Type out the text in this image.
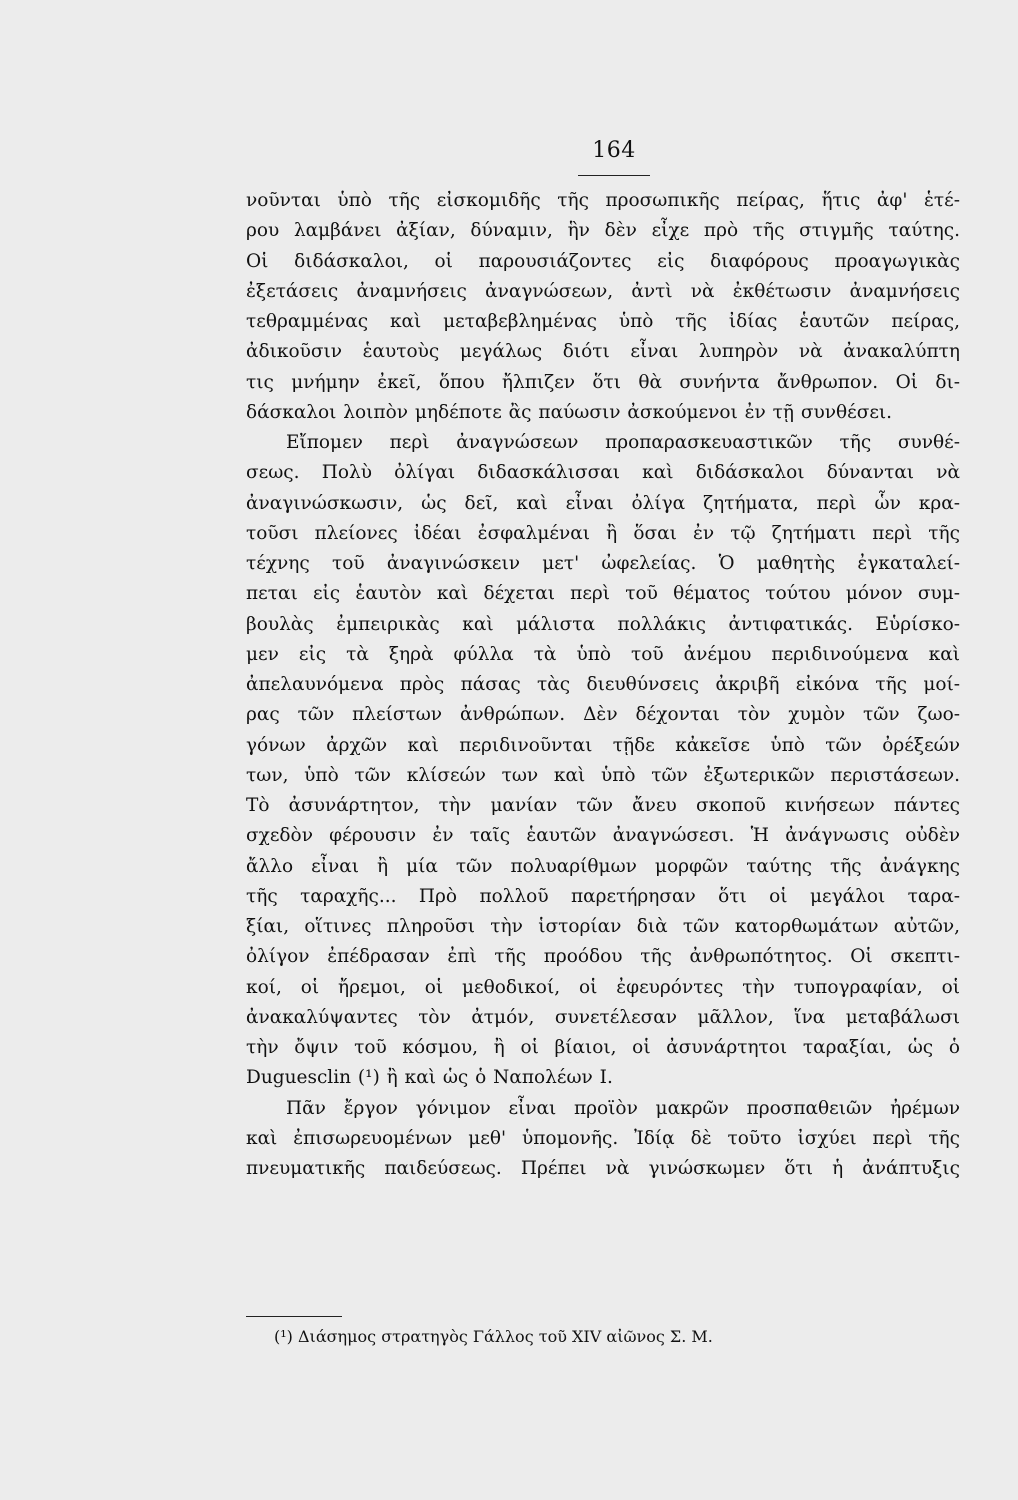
164
νοῦνται ὑπὸ τῆς εἰσκομιδῆς τῆς προσωπικῆς πείρας, ἥτις ἀφ' ἑτέ-
ρου λαμβάνει ἀξίαν, δύναμιν, ἣν δὲν εἶχε πρὸ τῆς στιγμῆς ταύτης.
Οἱ διδάσκαλοι, οἱ παρουσιάζοντες εἰς διαφόρους προαγωγικὰς
ἐξετάσεις ἀναμνήσεις ἀναγνώσεων, ἀντὶ νὰ ἐκθέτωσιν ἀναμνήσεις
τεθραμμένας καὶ μεταβεβλημένας ὑπὸ τῆς ἰδίας ἑαυτῶν πείρας,
ἀδικοῦσιν ἑαυτοὺς μεγάλως διότι εἶναι λυπηρὸν νὰ ἀνακαλύπτη
τις μνήμην ἐκεῖ, ὅπου ἤλπιζεν ὅτι θὰ συνήντα ἄνθρωπον. Οἱ δι-
δάσκαλοι λοιπὸν μηδέποτε ἂς παύωσιν ἀσκούμενοι ἐν τῇ συνθέσει.
Εἴπομεν περὶ ἀναγνώσεων προπαρασκευαστικῶν τῆς συνθέ-
σεως. Πολὺ ὀλίγαι διδασκάλισσαι καὶ διδάσκαλοι δύνανται νὰ
ἀναγινώσκωσιν, ὡς δεῖ, καὶ εἶναι ὀλίγα ζητήματα, περὶ ὧν κρα-
τοῦσι πλείονες ἰδέαι ἐσφαλμέναι ἢ ὅσαι ἐν τῷ ζητήματι περὶ τῆς
τέχνης τοῦ ἀναγινώσκειν μετ' ὠφελείας. Ὁ μαθητὴς ἐγκαταλεί-
πεται εἰς ἑαυτὸν καὶ δέχεται περὶ τοῦ θέματος τούτου μόνον συμ-
βουλὰς ἐμπειρικὰς καὶ μάλιστα πολλάκις ἀντιφατικάς. Εὑρίσκο-
μεν εἰς τὰ ξηρὰ φύλλα τὰ ὑπὸ τοῦ ἀνέμου περιδινούμενα καὶ
ἀπελαυνόμενα πρὸς πάσας τὰς διευθύνσεις ἀκριβῆ εἰκόνα τῆς μοί-
ρας τῶν πλείστων ἀνθρώπων. Δὲν δέχονται τὸν χυμὸν τῶν ζωο-
γόνων ἀρχῶν καὶ περιδινοῦνται τῇδε κἀκεῖσε ὑπὸ τῶν ὀρέξεών
των, ὑπὸ τῶν κλίσεών των καὶ ὑπὸ τῶν ἐξωτερικῶν περιστάσεων.
Τὸ ἀσυνάρτητον, τὴν μανίαν τῶν ἄνευ σκοποῦ κινήσεων πάντες
σχεδὸν φέρουσιν ἐν ταῖς ἑαυτῶν ἀναγνώσεσι. Ἡ ἀνάγνωσις οὐδὲν
ἄλλο εἶναι ἢ μία τῶν πολυαρίθμων μορφῶν ταύτης τῆς ἀνάγκης
τῆς ταραχῆς... Πρὸ πολλοῦ παρετήρησαν ὅτι οἱ μεγάλοι ταρα-
ξίαι, οἵτινες πληροῦσι τὴν ἱστορίαν διὰ τῶν κατορθωμάτων αὐτῶν,
ὀλίγον ἐπέδρασαν ἐπὶ τῆς προόδου τῆς ἀνθρωπότητος. Οἱ σκεπτι-
κοί, οἱ ἤρεμοι, οἱ μεθοδικοί, οἱ ἐφευρόντες τὴν τυπογραφίαν, οἱ
ἀνακαλύψαντες τὸν ἀτμόν, συνετέλεσαν μᾶλλον, ἵνα μεταβάλωσι
τὴν ὄψιν τοῦ κόσμου, ἢ οἱ βίαιοι, οἱ ἀσυνάρτητοι ταραξίαι, ὡς ὁ
Duguesclin (¹) ἢ καὶ ὡς ὁ Ναπολέων Ι.
Πᾶν ἔργον γόνιμον εἶναι προϊὸν μακρῶν προσπαθειῶν ἠρέμων
καὶ ἐπισωρευομένων μεθ' ὑπομονῆς. Ἰδίᾳ δὲ τοῦτο ἰσχύει περὶ τῆς
πνευματικῆς παιδεύσεως. Πρέπει νὰ γινώσκωμεν ὅτι ἡ ἀνάπτυξις
(¹) Διάσημος στρατηγὸς Γάλλος τοῦ XIV αἰῶνος Σ. Μ.
